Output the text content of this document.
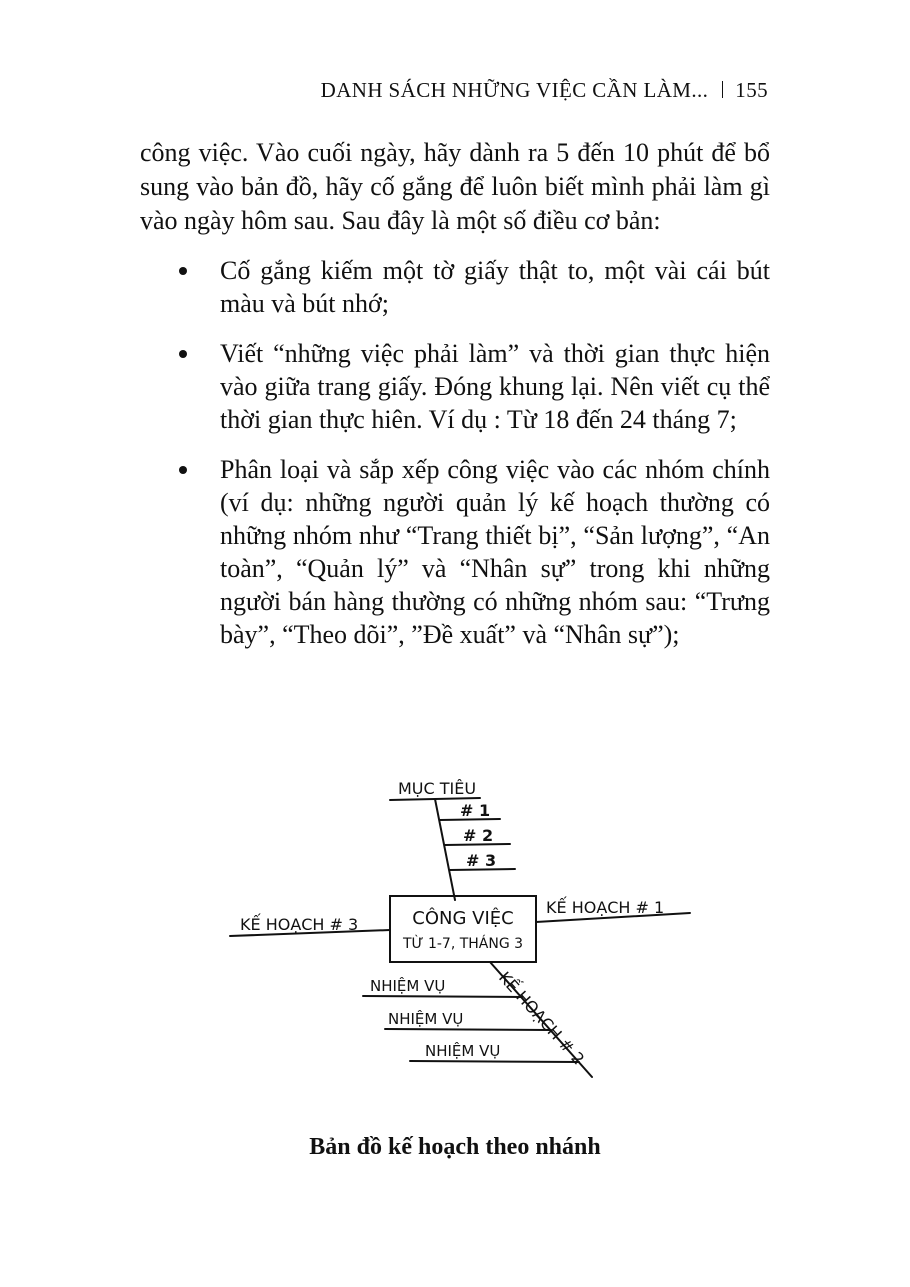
DANH SÁCH NHỮNG VIỆC CẦN LÀM... 155

công việc. Vào cuối ngày, hãy dành ra 5 đến 10 phút để bổ sung vào bản đồ, hãy cố gắng để luôn biết mình phải làm gì vào ngày hôm sau. Sau đây là một số điều cơ bản:

Cố gắng kiếm một tờ giấy thật to, một vài cái bút màu và bút nhớ;
Viết “những việc phải làm” và thời gian thực hiện vào giữa trang giấy. Đóng khung lại. Nên viết cụ thể thời gian thực hiên. Ví dụ : Từ 18 đến 24 tháng 7;
Phân loại và sắp xếp công việc vào các nhóm chính (ví dụ: những người quản lý kế hoạch thường có những nhóm như “Trang thiết bị”, “Sản lượng”, “An toàn”, “Quản lý” và “Nhân sự” trong khi những người bán hàng thường có những nhóm sau: “Trưng bày”, “Theo dõi”, ”Đề xuất” và “Nhân sự”);
MỤC TIÊU
# 1
# 2
# 3
CÔNG VIỆC
TỪ 1-7, THÁNG 3
KẾ HOẠCH # 3
KẾ HOẠCH # 1
KẾ HOẠCH # 2
NHIỆM VỤ
NHIỆM VỤ
NHIỆM VỤ
Bản đồ kế hoạch theo nhánh
